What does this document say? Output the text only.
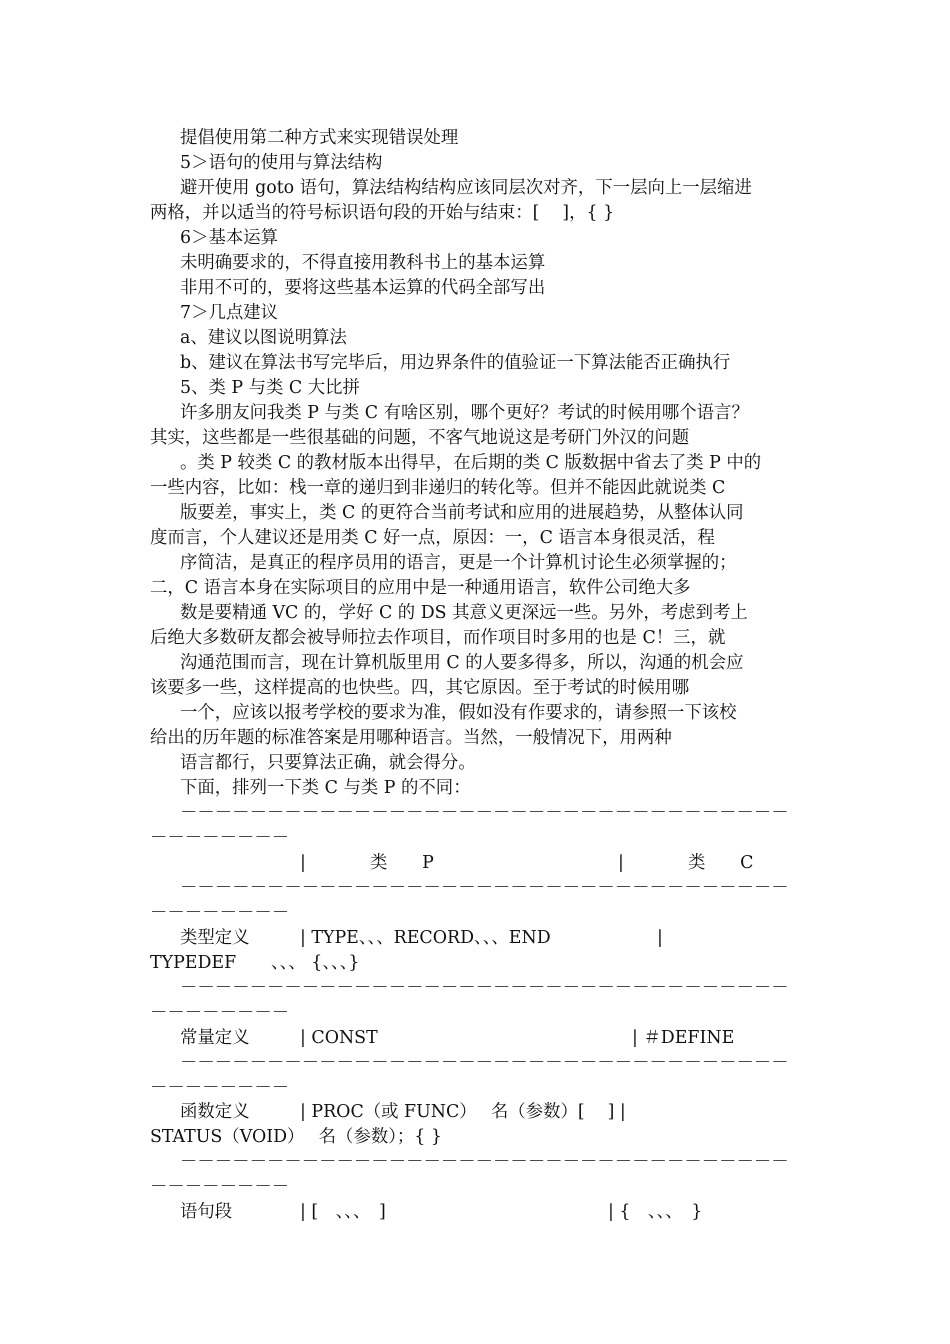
提倡使用第二种方式来实现错误处理

5＞语句的使用与算法结构

避开使用 goto 语句，算法结构结构应该同层次对齐，下一层向上一层缩进

两格，并以适当的符号标识语句段的开始与结束：[　 ]，{ }

6＞基本运算

未明确要求的，不得直接用教科书上的基本运算

非用不可的，要将这些基本运算的代码全部写出

7＞几点建议

a、建议以图说明算法

b、建议在算法书写完毕后，用边界条件的值验证一下算法能否正确执行

5、类 P 与类 C 大比拼

许多朋友问我类 P 与类 C 有啥区别，哪个更好？考试的时候用哪个语言？

其实，这些都是一些很基础的问题，不客气地说这是考研门外汉的问题

。类 P 较类 C 的教材版本出得早，在后期的类 C 版数据中省去了类 P 中的

一些内容，比如：栈一章的递归到非递归的转化等。但并不能因此就说类 C

版要差，事实上，类 C 的更符合当前考试和应用的进展趋势，从整体认同

度而言，个人建议还是用类 C 好一点，原因：一，C 语言本身很灵活，程

序简洁，是真正的程序员用的语言，更是一个计算机讨论生必须掌握的；

二，C 语言本身在实际项目的应用中是一种通用语言，软件公司绝大多

数是要精通 VC 的，学好 C 的 DS 其意义更深远一些。另外，考虑到考上

后绝大多数研友都会被导师拉去作项目，而作项目时多用的也是 C！三，就

沟通范围而言，现在计算机版里用 C 的人要多得多，所以，沟通的机会应

该要多一些，这样提高的也快些。四，其它原因。至于考试的时候用哪

一个，应该以报考学校的要求为准，假如没有作要求的，请参照一下该校

给出的历年题的标准答案是用哪种语言。当然，一般情况下，用两种

语言都行，只要算法正确，就会得分。

下面，排列一下类 C 与类 P 的不同：

－－－－－－－－－－－－－－－－－－－－－－－－－－－－－－－－－－－

－－－－－－－－

|	类　　P	|	类　　C

－－－－－－－－－－－－－－－－－－－－－－－－－－－－－－－－－－－

－－－－－－－－

类型定义	| TYPE、、、RECORD、、、END	|
TYPEDEF　　、、、 {、、、}

－－－－－－－－－－－－－－－－－－－－－－－－－－－－－－－－－－－

－－－－－－－－

常量定义	| CONST	| ＃DEFINE

－－－－－－－－－－－－－－－－－－－－－－－－－－－－－－－－－－－

－－－－－－－－

函数定义	| PROC（或 FUNC）　 名（参数）[　 ] |
STATUS（VOID）　 名（参数）；{ }

－－－－－－－－－－－－－－－－－－－－－－－－－－－－－－－－－－－

－－－－－－－－

语句段	| [　、、、　]	| {　、、、　}
